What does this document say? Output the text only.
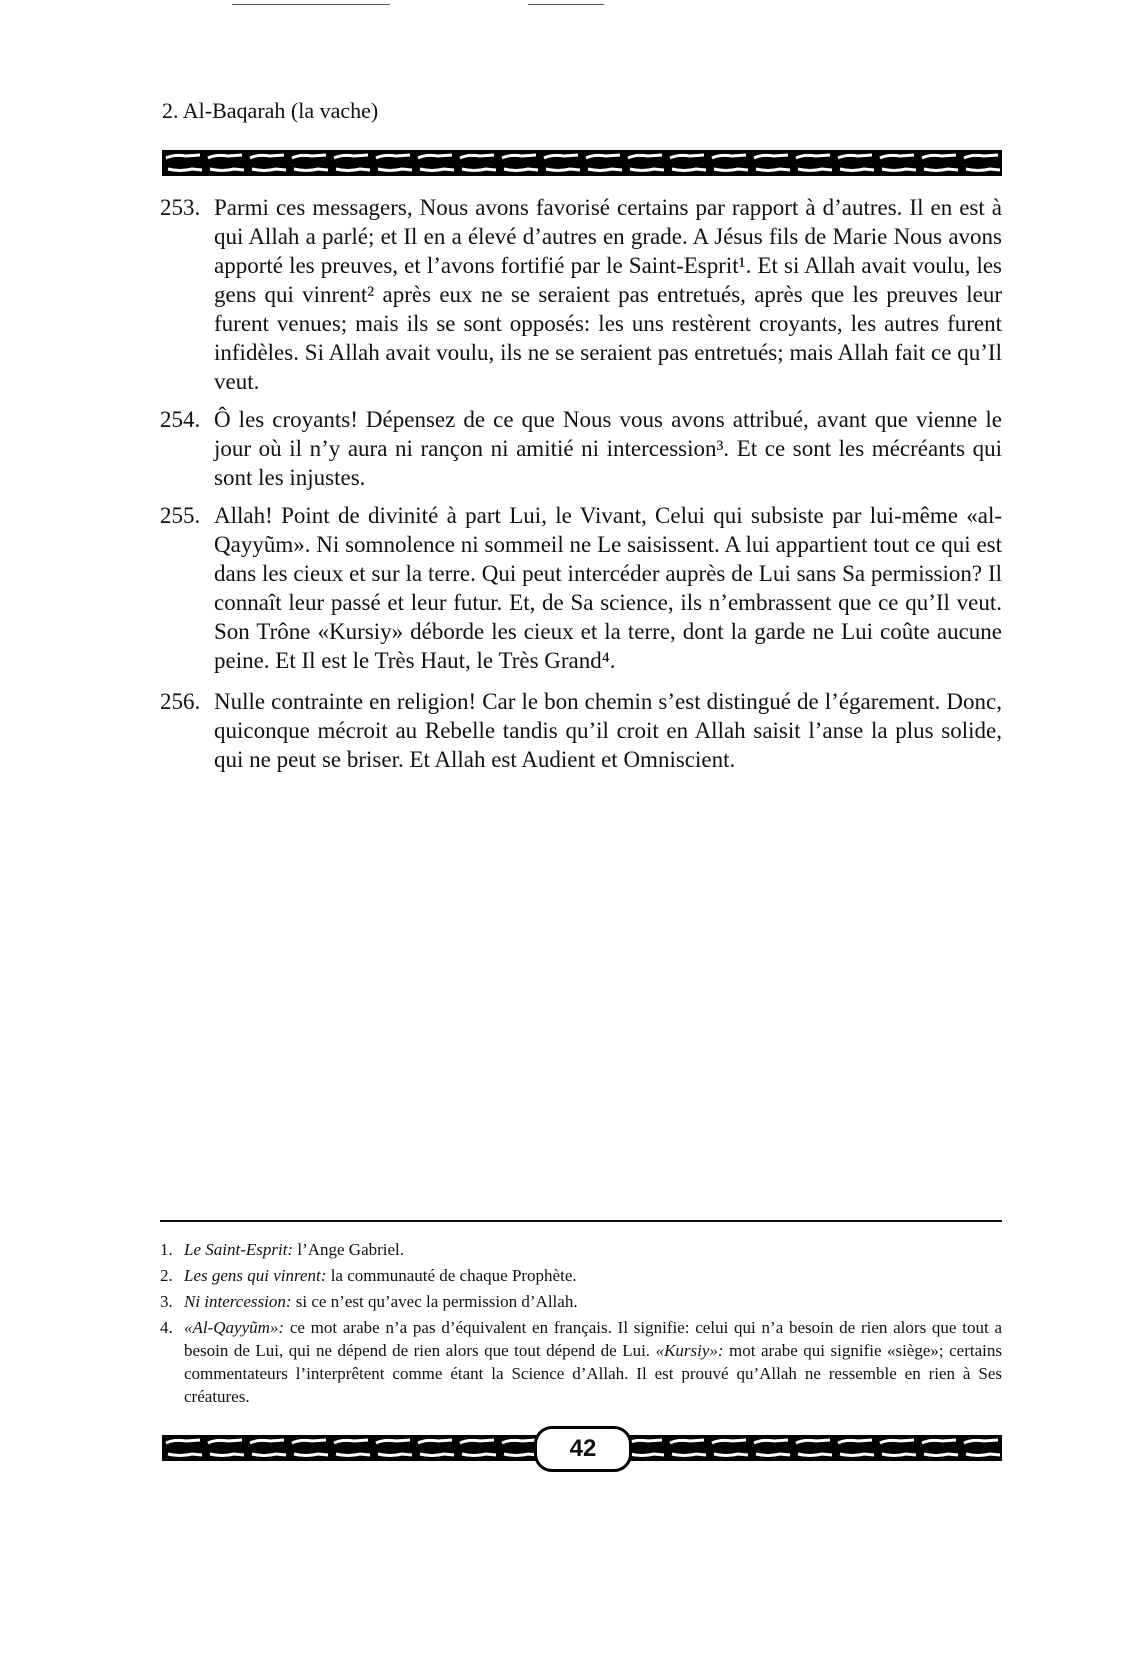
2. Al-Baqarah (la vache)
253. Parmi ces messagers, Nous avons favorisé certains par rapport à d’autres. Il en est à qui Allah a parlé; et Il en a élevé d’autres en grade. A Jésus fils de Marie Nous avons apporté les preuves, et l’avons fortifié par le Saint-Esprit¹. Et si Allah avait voulu, les gens qui vinrent² après eux ne se seraient pas entretués, après que les preuves leur furent venues; mais ils se sont opposés: les uns restèrent croyants, les autres furent infidèles. Si Allah avait voulu, ils ne se seraient pas entretués; mais Allah fait ce qu’Il veut.
254. Ô les croyants! Dépensez de ce que Nous vous avons attribué, avant que vienne le jour où il n’y aura ni rançon ni amitié ni intercession³. Et ce sont les mécréants qui sont les injustes.
255. Allah! Point de divinité à part Lui, le Vivant, Celui qui subsiste par lui-même «al-Qayyũm». Ni somnolence ni sommeil ne Le saisissent. A lui appartient tout ce qui est dans les cieux et sur la terre. Qui peut intercéder auprès de Lui sans Sa permission? Il connaît leur passé et leur futur. Et, de Sa science, ils n’embrassent que ce qu’Il veut. Son Trône «Kursiy» déborde les cieux et la terre, dont la garde ne Lui coûte aucune peine. Et Il est le Très Haut, le Très Grand⁴.
256. Nulle contrainte en religion! Car le bon chemin s’est distingué de l’égarement. Donc, quiconque mécroit au Rebelle tandis qu’il croit en Allah saisit l’anse la plus solide, qui ne peut se briser. Et Allah est Audient et Omniscient.
1. Le Saint-Esprit: l’Ange Gabriel.
2. Les gens qui vinrent: la communauté de chaque Prophète.
3. Ni intercession: si ce n’est qu’avec la permission d’Allah.
4. «Al-Qayyũm»: ce mot arabe n’a pas d’équivalent en français. Il signifie: celui qui n’a besoin de rien alors que tout a besoin de Lui, qui ne dépend de rien alors que tout dépend de Lui. «Kursiy»: mot arabe qui signifie «siège»; certains commentateurs l’interprêtent comme étant la Science d’Allah. Il est prouvé qu’Allah ne ressemble en rien à Ses créatures.
42
